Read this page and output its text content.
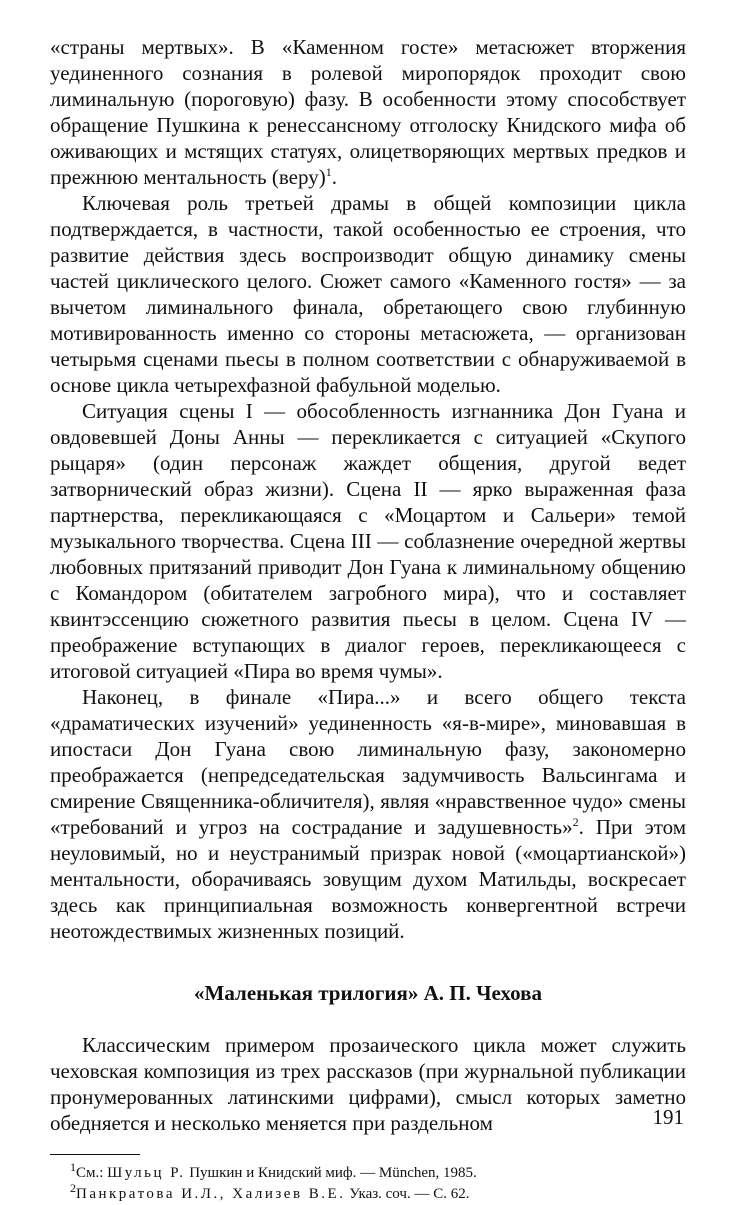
«страны мертвых». В «Каменном госте» метасюжет вторжения уединенного сознания в ролевой миропорядок проходит свою лиминальную (пороговую) фазу. В особенности этому способствует обращение Пушкина к ренессансному отголоску Книдского мифа об оживающих и мстящих статуях, олицетворяющих мертвых предков и прежнюю ментальность (веру)$^1$.

Ключевая роль третьей драмы в общей композиции цикла подтверждается, в частности, такой особенностью ее строения, что развитие действия здесь воспроизводит общую динамику смены частей циклического целого. Сюжет самого «Каменного гостя» — за вычетом лиминального финала, обретающего свою глубинную мотивированность именно со стороны метасюжета, — организован четырьмя сценами пьесы в полном соответствии с обнаруживаемой в основе цикла четырехфазной фабульной моделью.

Ситуация сцены I — обособленность изгнанника Дон Гуана и овдовевшей Доны Анны — перекликается с ситуацией «Скупого рыцаря» (один персонаж жаждет общения, другой ведет затворнический образ жизни). Сцена II — ярко выраженная фаза партнерства, перекликающаяся с «Моцартом и Сальери» темой музыкального творчества. Сцена III — соблазнение очередной жертвы любовных притязаний приводит Дон Гуана к лиминальному общению с Командором (обитателем загробного мира), что и составляет квинтэссенцию сюжетного развития пьесы в целом. Сцена IV — преображение вступающих в диалог героев, перекликающееся с итоговой ситуацией «Пира во время чумы».

Наконец, в финале «Пира...» и всего общего текста «драматических изучений» уединенность «я-в-мире», миновавшая в ипостаси Дон Гуана свою лиминальную фазу, закономерно преображается (непредседательская задумчивость Вальсингама и смирение Священника-обличителя), являя «нравственное чудо» смены «требований и угроз на сострадание и задушевность»$^2$. При этом неуловимый, но и неустранимый призрак новой («моцартианской») ментальности, оборачиваясь зовущим духом Матильды, воскресает здесь как принципиальная возможность конвергентной встречи неотождествимых жизненных позиций.

«Маленькая трилогия» А. П. Чехова

Классическим примером прозаического цикла может служить чеховская композиция из трех рассказов (при журнальной публикации пронумерованных латинскими цифрами), смысл которых заметно обедняется и несколько меняется при раздельном

$^1$См.: Шульц Р. Пушкин и Книдский миф. — München, 1985.

$^2$Панкратова И.Л., Хализев В.Е. Указ. соч. — С. 62.

191
